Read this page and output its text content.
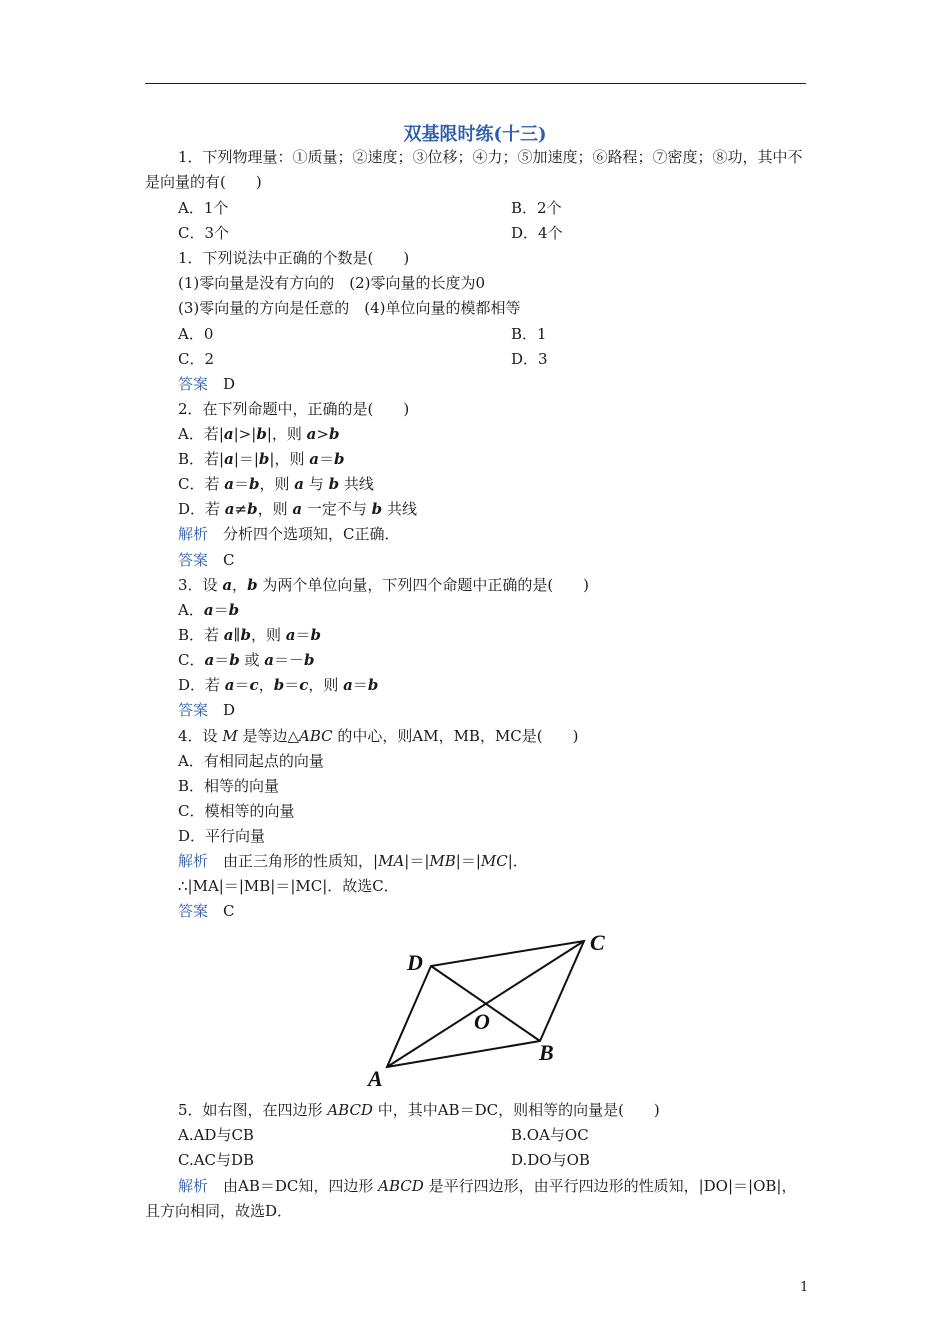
双基限时练(十三)
1．下列物理量：①质量；②速度；③位移；④力；⑤加速度；⑥路程；⑦密度；⑧功，其中不
是向量的有(　　)
A．1个	B．2个
C．3个	D．4个
1．下列说法中正确的个数是(　　)
(1)零向量是没有方向的　(2)零向量的长度为0
(3)零向量的方向是任意的　(4)单位向量的模都相等
A．0	B．1
C．2	D．3
答案　 D
2．在下列命题中，正确的是(　　)
A．若|a|>|b|，则 a>b
B．若|a|＝|b|，则 a＝b
C．若 a＝b，则 a 与 b 共线
D．若 a≠b，则 a 一定不与 b 共线
解析　 分析四个选项知，C正确．
答案　 C
3．设 a，b 为两个单位向量，下列四个命题中正确的是(　　)
A．a＝b
B．若 a∥b，则 a＝b
C．a＝b 或 a＝－b
D．若 a＝c，b＝c，则 a＝b
答案　 D
4．设 M 是等边△ABC 的中心，则AM，MB，MC是(　　)
A．有相同起点的向量
B．相等的向量
C．模相等的向量
D．平行向量
解析　 由正三角形的性质知，|MA|＝|MB|＝|MC|．
∴|MA|＝|MB|＝|MC|．故选C．
答案　 C
A
B
C
D
O
5．如右图，在四边形 ABCD 中，其中AB＝DC，则相等的向量是(　　)
A.AD与CB	B.OA与OC
C.AC与DB	D.DO与OB
解析　 由AB＝DC知，四边形 ABCD 是平行四边形，由平行四边形的性质知，|DO|＝|OB|，
且方向相同，故选D．
1
